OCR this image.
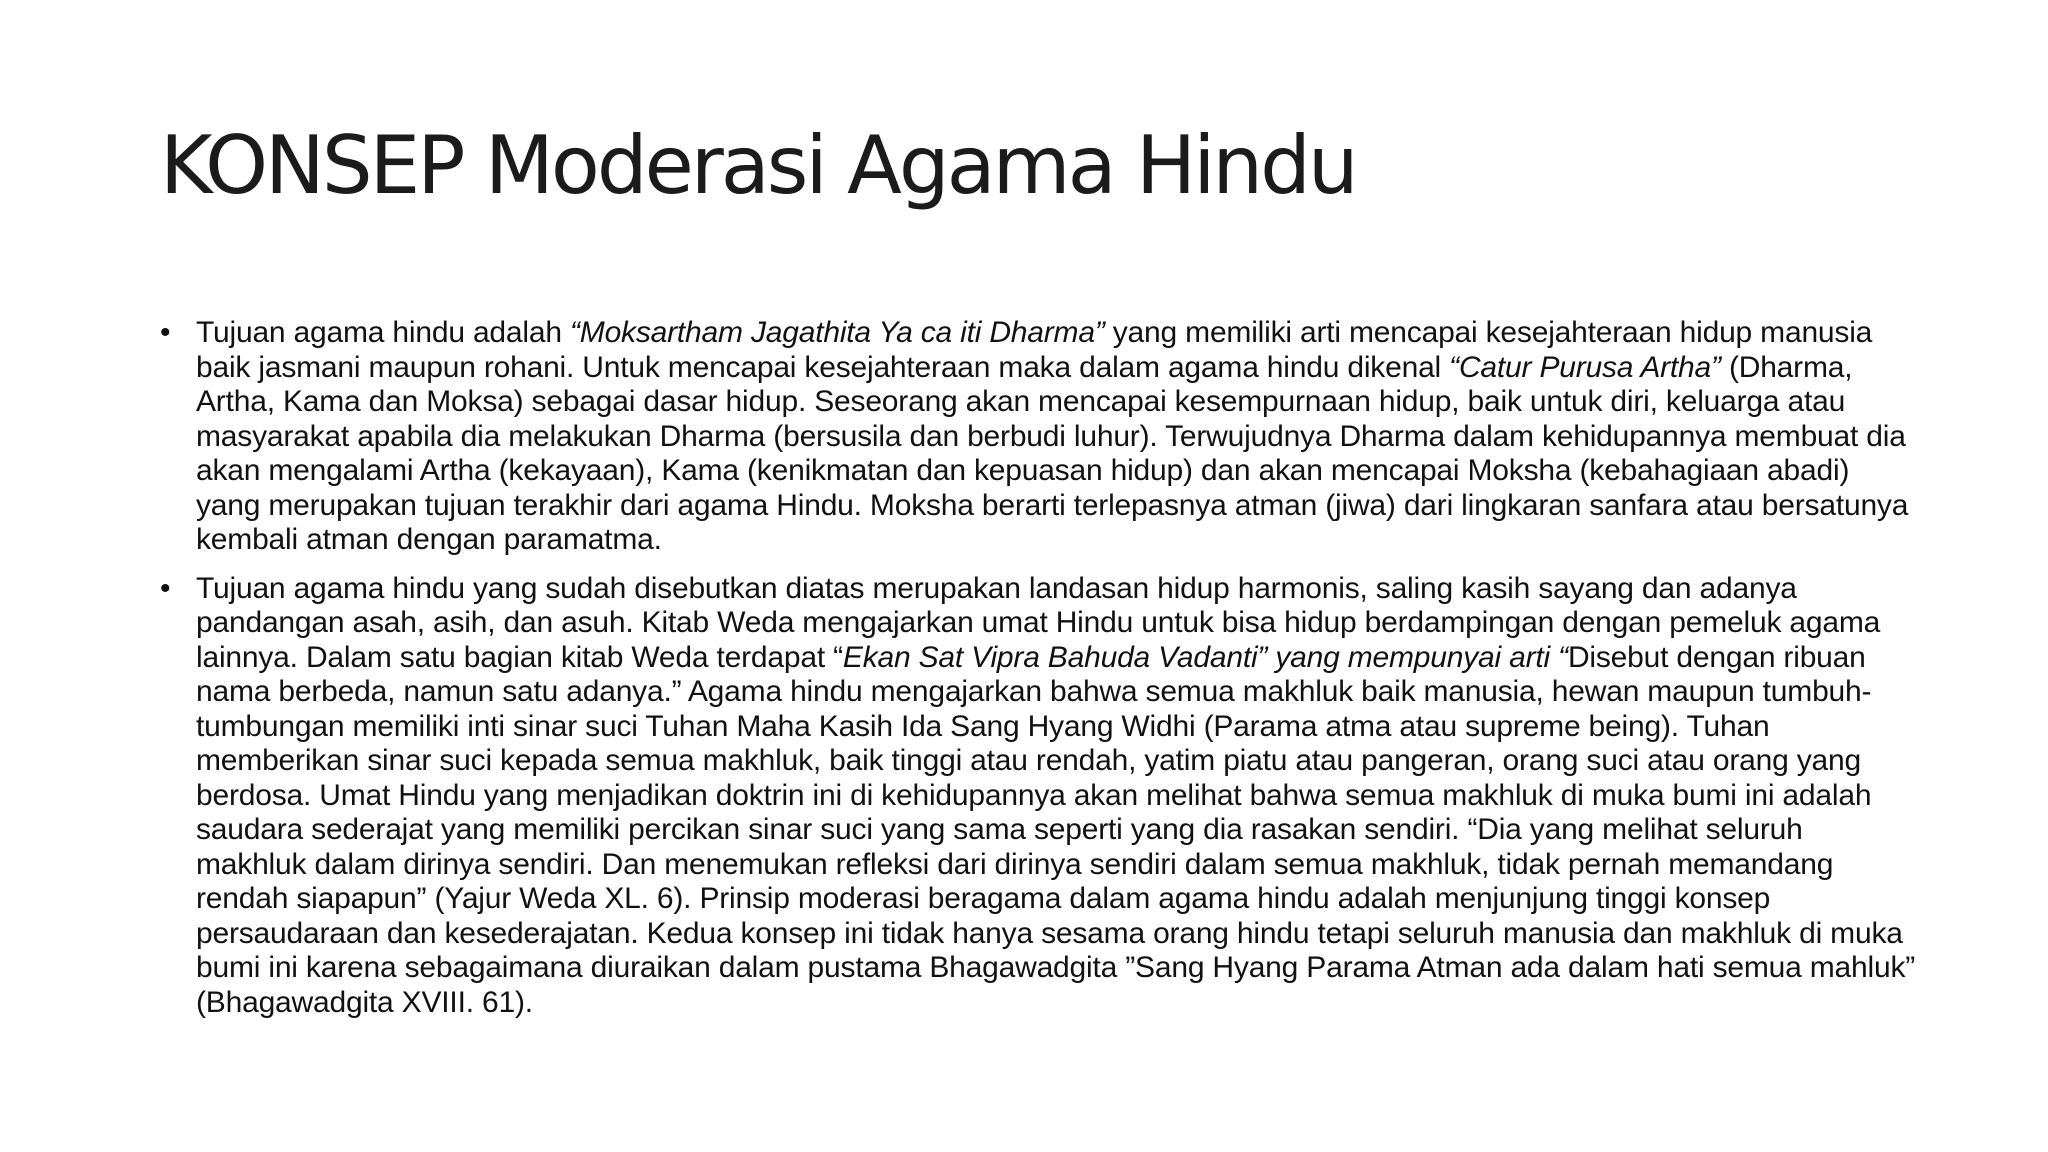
KONSEP Moderasi Agama Hindu
• Tujuan agama hindu adalah “Moksartham Jagathita Ya ca iti Dharma” yang memiliki arti mencapai kesejahteraan hidup manusia baik jasmani maupun rohani. Untuk mencapai kesejahteraan maka dalam agama hindu dikenal “Catur Purusa Artha” (Dharma, Artha, Kama dan Moksa) sebagai dasar hidup. Seseorang akan mencapai kesempurnaan hidup, baik untuk diri, keluarga atau masyarakat apabila dia melakukan Dharma (bersusila dan berbudi luhur). Terwujudnya Dharma dalam kehidupannya membuat dia akan mengalami Artha (kekayaan), Kama (kenikmatan dan kepuasan hidup) dan akan mencapai Moksha (kebahagiaan abadi) yang merupakan tujuan terakhir dari agama Hindu. Moksha berarti terlepasnya atman (jiwa) dari lingkaran sanfara atau bersatunya kembali atman dengan paramatma.

• Tujuan agama hindu yang sudah disebutkan diatas merupakan landasan hidup harmonis, saling kasih sayang dan adanya pandangan asah, asih, dan asuh. Kitab Weda mengajarkan umat Hindu untuk bisa hidup berdampingan dengan pemeluk agama lainnya. Dalam satu bagian kitab Weda terdapat “Ekan Sat Vipra Bahuda Vadanti” yang mempunyai arti “Disebut dengan ribuan nama berbeda, namun satu adanya.” Agama hindu mengajarkan bahwa semua makhluk baik manusia, hewan maupun tumbuh-tumbungan memiliki inti sinar suci Tuhan Maha Kasih Ida Sang Hyang Widhi (Parama atma atau supreme being). Tuhan memberikan sinar suci kepada semua makhluk, baik tinggi atau rendah, yatim piatu atau pangeran, orang suci atau orang yang berdosa. Umat Hindu yang menjadikan doktrin ini di kehidupannya akan melihat bahwa semua makhluk di muka bumi ini adalah saudara sederajat yang memiliki percikan sinar suci yang sama seperti yang dia rasakan sendiri. “Dia yang melihat seluruh makhluk dalam dirinya sendiri. Dan menemukan refleksi dari dirinya sendiri dalam semua makhluk, tidak pernah memandang rendah siapapun” (Yajur Weda XL. 6). Prinsip moderasi beragama dalam agama hindu adalah menjunjung tinggi konsep persaudaraan dan kesederajatan. Kedua konsep ini tidak hanya sesama orang hindu tetapi seluruh manusia dan makhluk di muka bumi ini karena sebagaimana diuraikan dalam pustama Bhagawadgita ”Sang Hyang Parama Atman ada dalam hati semua mahluk” (Bhagawadgita XVIII. 61).
